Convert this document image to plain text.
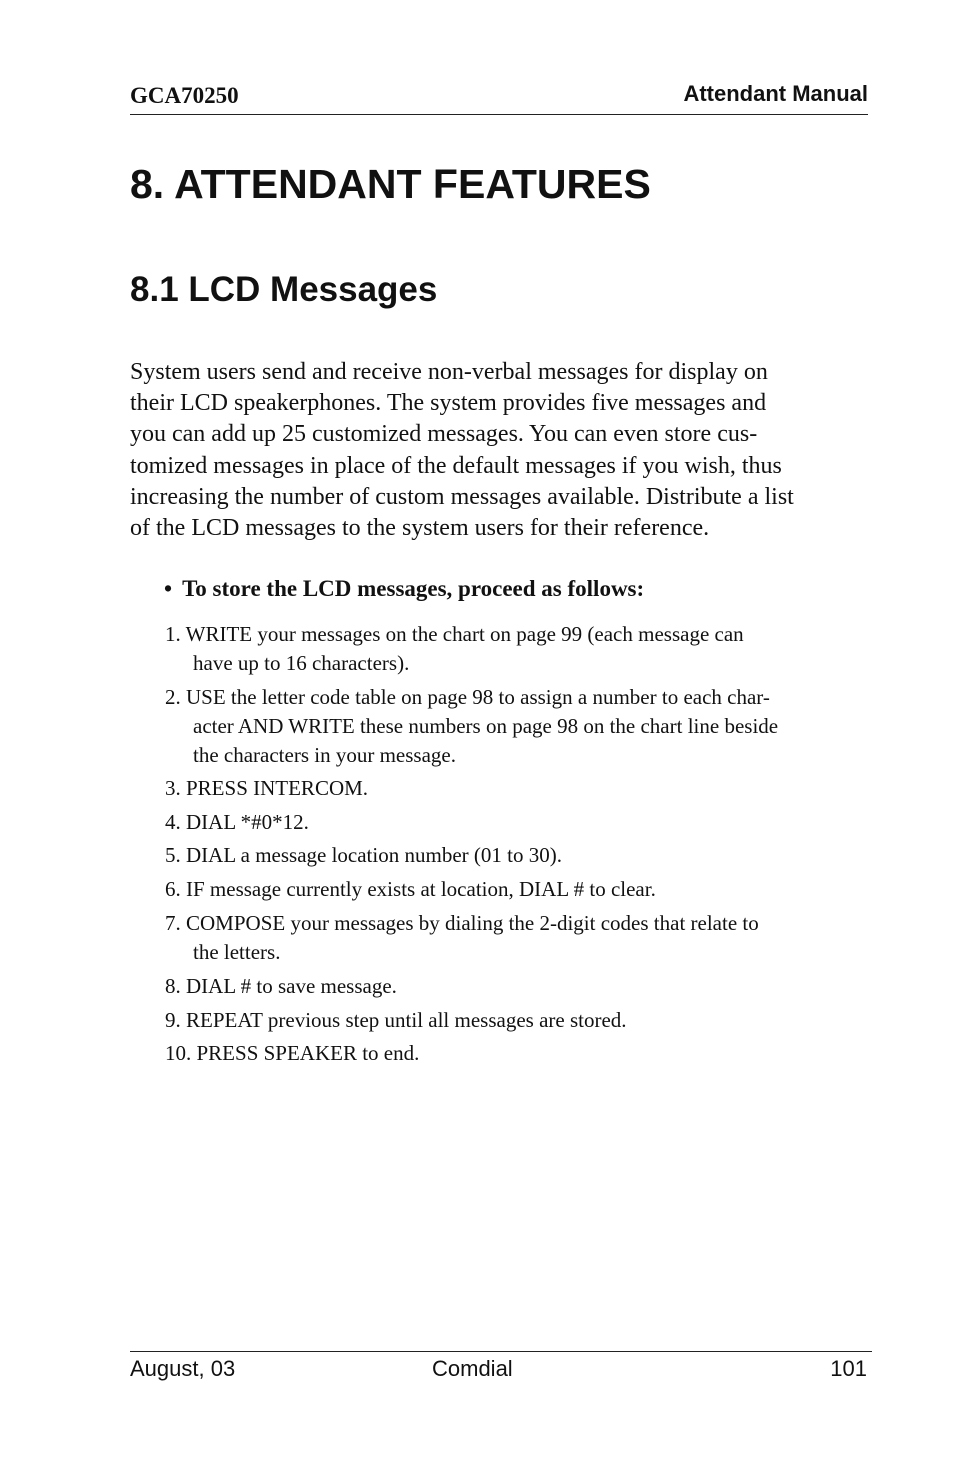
GCA70250	Attendant Manual
8. ATTENDANT FEATURES
8.1 LCD Messages

System users send and receive non-verbal messages for display on
their LCD speakerphones. The system provides five messages and
you can add up 25 customized messages. You can even store cus-
tomized messages in place of the default messages if you wish, thus
increasing the number of custom messages available. Distribute a list
of the LCD messages to the system users for their reference.

• To store the LCD messages, proceed as follows:
1. WRITE your messages on the chart on page 99 (each message can
have up to 16 characters).
2. USE the letter code table on page 98 to assign a number to each char-
acter AND WRITE these numbers on page 98 on the chart line beside
the characters in your message.
3. PRESS INTERCOM.
4. DIAL *#0*12.
5. DIAL a message location number (01 to 30).
6. IF message currently exists at location, DIAL # to clear.
7. COMPOSE your messages by dialing the 2-digit codes that relate to
the letters.
8. DIAL # to save message.
9. REPEAT previous step until all messages are stored.
10. PRESS SPEAKER to end.
August, 03	Comdial	101
